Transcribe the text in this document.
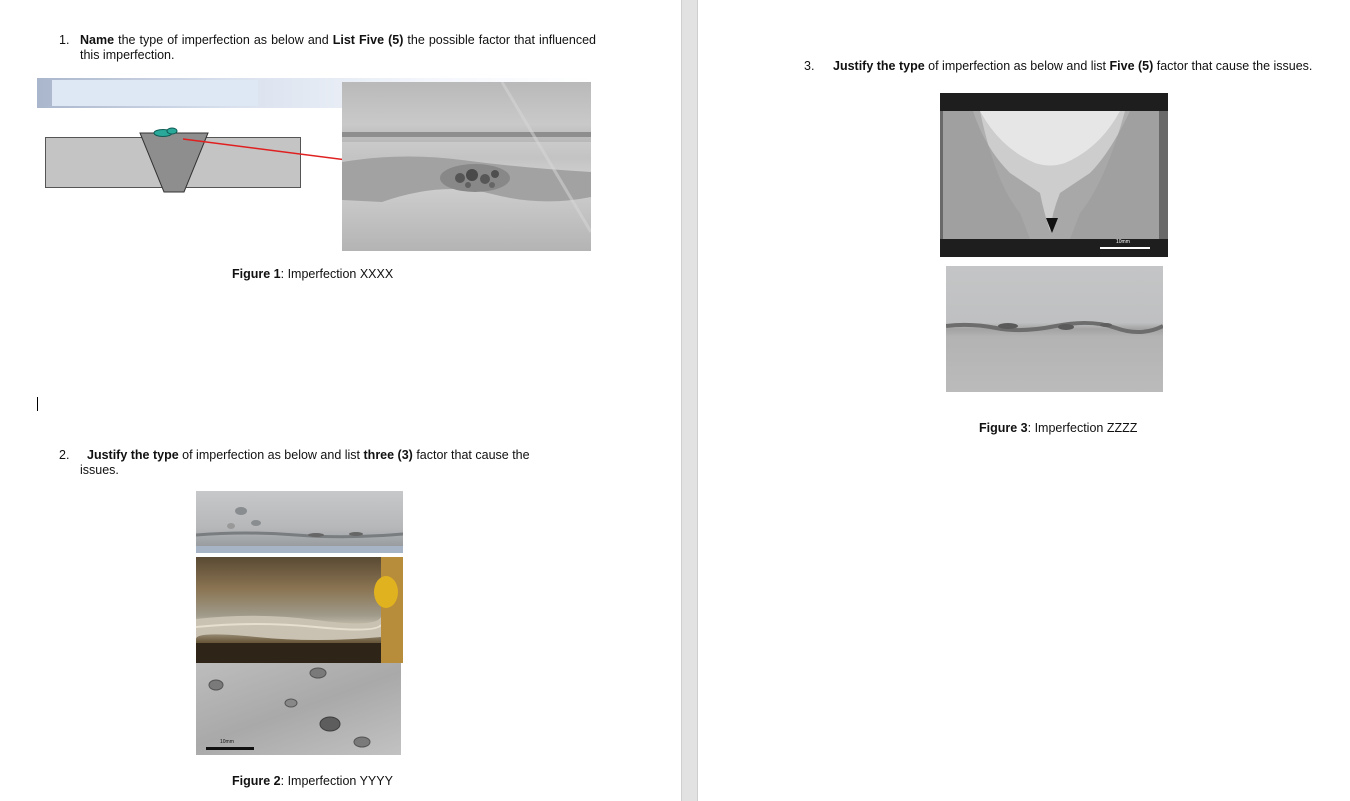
1. Name the type of imperfection as below and List Five (5) the possible factor that influenced this imperfection.
Figure 1: Imperfection XXXX
2.	Justify the type of imperfection as below and list three (3) factor that cause the issues.
10mm
Figure 2: Imperfection YYYY
3. Justify the type of imperfection as below and list Five (5) factor that cause the issues.
10mm
Figure 3: Imperfection ZZZZ
